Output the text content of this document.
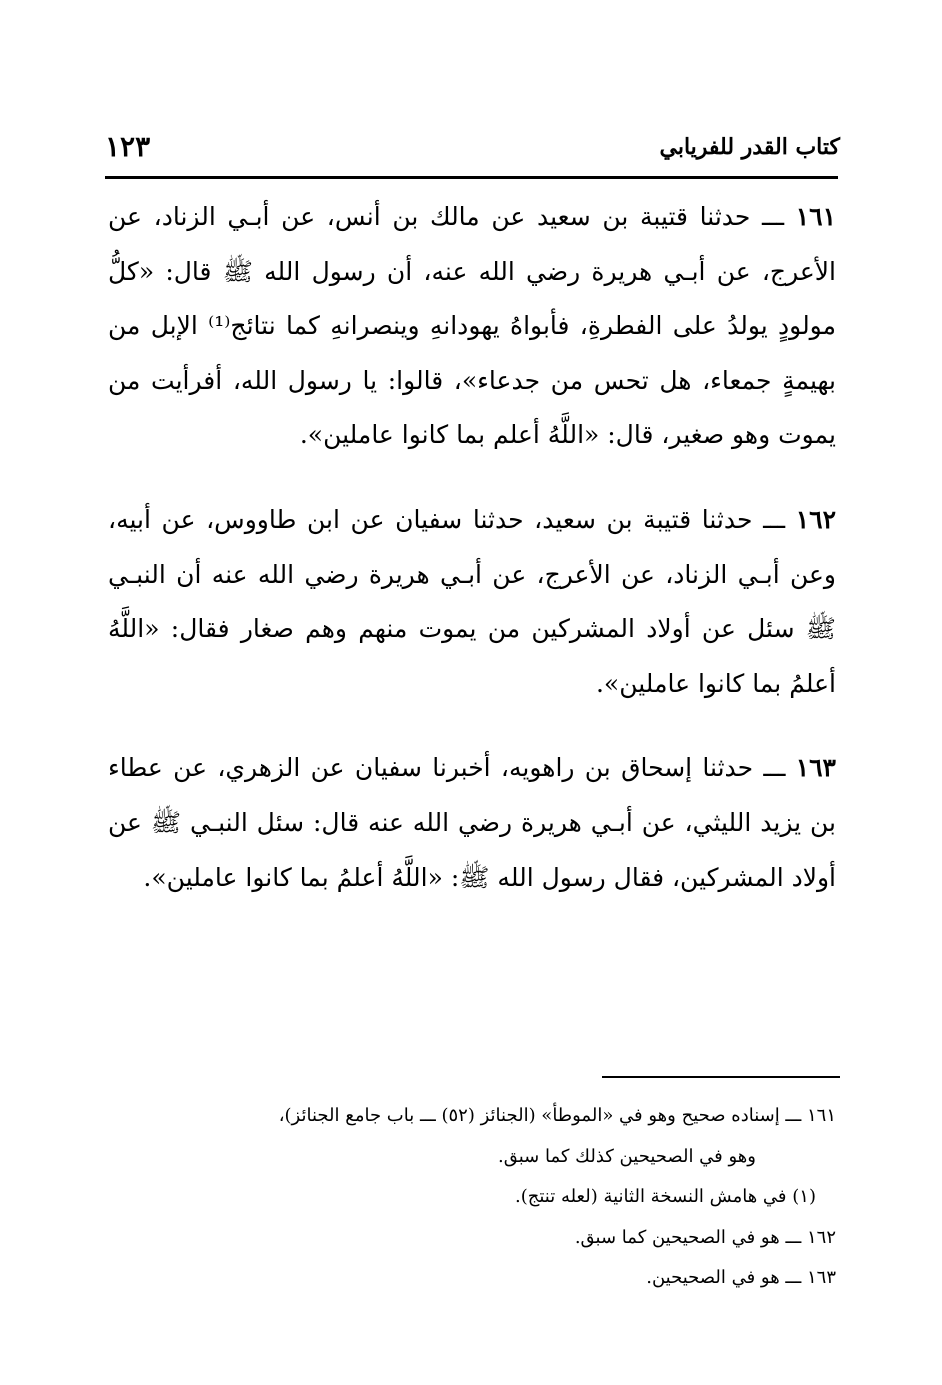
كتاب القدر للفريابي
١٢٣

١٦١ ـــ حدثنا قتيبة بن سعيد عن مالك بن أنس، عن أبـي الزناد، عن الأعرج، عن أبـي هريرة رضي الله عنه، أن رسول الله ﷺ قال: «كلُّ مولودٍ يولدُ على الفطرةِ، فأبواهُ يهودانهِ وينصرانهِ كما نتائج⁽¹⁾ الإبل من بهيمةٍ جمعاء، هل تحس من جدعاء»، قالوا: يا رسول الله، أفرأيت من يموت وهو صغير، قال: «اللَّهُ أعلم بما كانوا عاملين».

١٦٢ ـــ حدثنا قتيبة بن سعيد، حدثنا سفيان عن ابن طاووس، عن أبيه، وعن أبـي الزناد، عن الأعرج، عن أبـي هريرة رضي الله عنه أن النبـي ﷺ سئل عن أولاد المشركين من يموت منهم وهم صغار فقال: «اللَّهُ أعلمُ بما كانوا عاملين».

١٦٣ ـــ حدثنا إسحاق بن راهويه، أخبرنا سفيان عن الزهري، عن عطاء بن يزيد الليثي، عن أبـي هريرة رضي الله عنه قال: سئل النبـي ﷺ عن أولاد المشركين، فقال رسول الله ﷺ: «اللَّهُ أعلمُ بما كانوا عاملين».

١٦١ ـــ إسناده صحيح وهو في «الموطأ» (الجنائز (٥٢) ـــ باب جامع الجنائز)،
وهو في الصحيحين كذلك كما سبق.
(١) في هامش النسخة الثانية (لعله تنتج).
١٦٢ ـــ هو في الصحيحين كما سبق.
١٦٣ ـــ هو في الصحيحين.
